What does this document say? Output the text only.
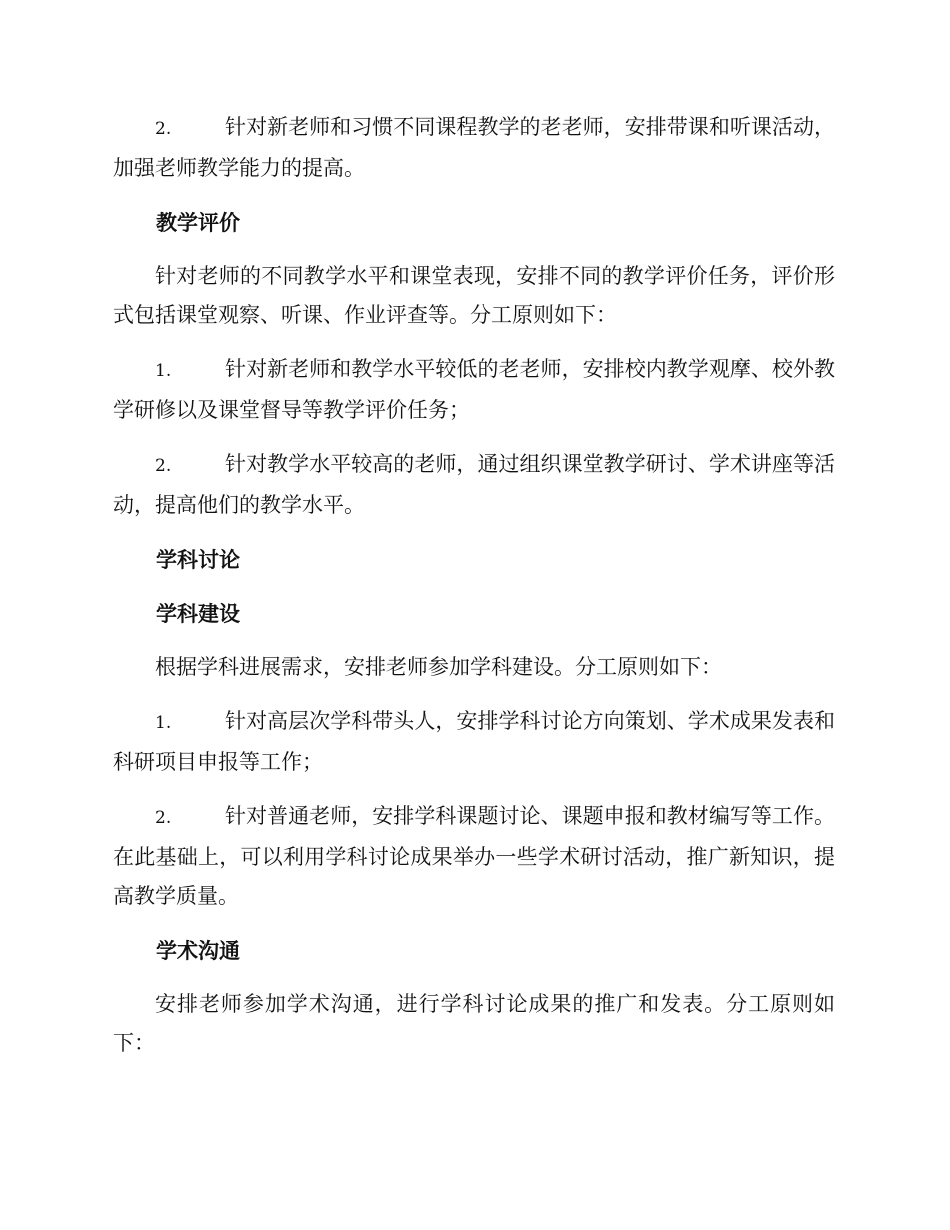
2.	针对新老师和习惯不同课程教学的老老师，安排带课和听课活动，加强老师教学能力的提高。

教学评价

针对老师的不同教学水平和课堂表现，安排不同的教学评价任务，评价形式包括课堂观察、听课、作业评查等。分工原则如下：

1.	针对新老师和教学水平较低的老老师，安排校内教学观摩、校外教学研修以及课堂督导等教学评价任务；

2.	针对教学水平较高的老师，通过组织课堂教学研讨、学术讲座等活动，提高他们的教学水平。

学科讨论
学科建设

根据学科进展需求，安排老师参加学科建设。分工原则如下：

1.	针对高层次学科带头人，安排学科讨论方向策划、学术成果发表和科研项目申报等工作；

2.	针对普通老师，安排学科课题讨论、课题申报和教材编写等工作。在此基础上，可以利用学科讨论成果举办一些学术研讨活动，推广新知识，提高教学质量。

学术沟通

安排老师参加学术沟通，进行学科讨论成果的推广和发表。分工原则如下：
